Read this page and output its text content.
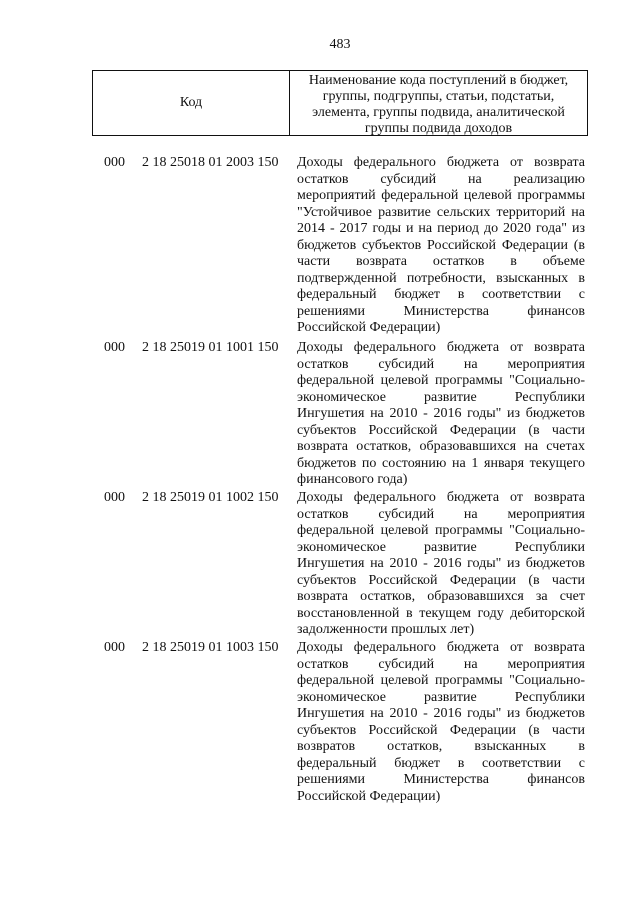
483
Код
Наименование кода поступлений в бюджет,
группы, подгруппы, статьи, подстатьи,
элемента, группы подвида, аналитической
группы подвида доходов
000 2 18 25018 01 2003 150 Доходы федерального бюджета от возврата
остатков субсидий на реализацию
мероприятий федеральной целевой программы
"Устойчивое развитие сельских территорий на
2014 - 2017 годы и на период до 2020 года" из
бюджетов субъектов Российской Федерации (в
части возврата остатков в объеме
подтвержденной потребности, взысканных в
федеральный бюджет в соответствии с
решениями Министерства финансов
Российской Федерации)
000 2 18 25019 01 1001 150 Доходы федерального бюджета от возврата
остатков субсидий на мероприятия
федеральной целевой программы "Социально-
экономическое развитие Республики
Ингушетия на 2010 - 2016 годы" из бюджетов
субъектов Российской Федерации (в части
возврата остатков, образовавшихся на счетах
бюджетов по состоянию на 1 января текущего
финансового года)
000 2 18 25019 01 1002 150 Доходы федерального бюджета от возврата
остатков субсидий на мероприятия
федеральной целевой программы "Социально-
экономическое развитие Республики
Ингушетия на 2010 - 2016 годы" из бюджетов
субъектов Российской Федерации (в части
возврата остатков, образовавшихся за счет
восстановленной в текущем году дебиторской
задолженности прошлых лет)
000 2 18 25019 01 1003 150 Доходы федерального бюджета от возврата
остатков субсидий на мероприятия
федеральной целевой программы "Социально-
экономическое развитие Республики
Ингушетия на 2010 - 2016 годы" из бюджетов
субъектов Российской Федерации (в части
возвратов остатков, взысканных в
федеральный бюджет в соответствии с
решениями Министерства финансов
Российской Федерации)
